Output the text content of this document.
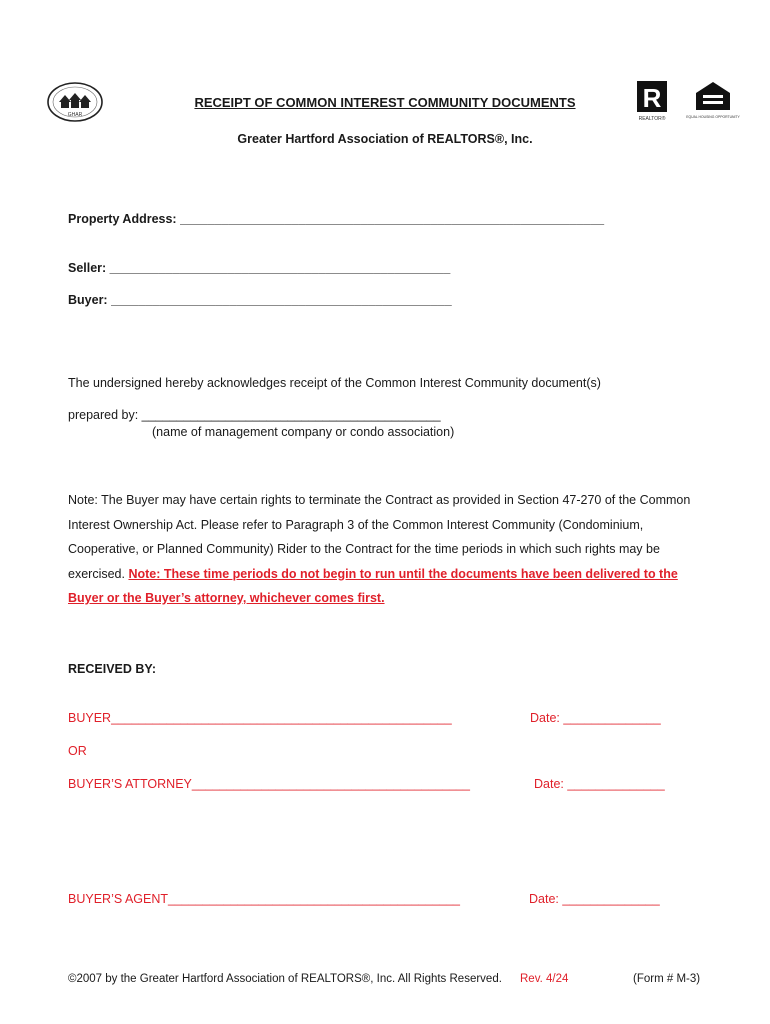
GHAR
R
REALTOR®	EQUAL HOUSING OPPORTUNITY
RECEIPT OF COMMON INTEREST COMMUNITY DOCUMENTS
Greater Hartford Association of REALTORS®, Inc.
Property Address: _____________________________________________________________
Seller: _________________________________________________
Buyer: _________________________________________________
The undersigned hereby acknowledges receipt of the Common Interest Community document(s)
prepared by: ___________________________________________
(name of management company or condo association)
Note: The Buyer may have certain rights to terminate the Contract as provided in Section 47-270 of the Common Interest Ownership Act. Please refer to Paragraph 3 of the Common Interest Community (Condominium, Cooperative, or Planned Community) Rider to the Contract for the time periods in which such rights may be exercised. Note: These time periods do not begin to run until the documents have been delivered to the Buyer or the Buyer’s attorney, whichever comes first.
RECEIVED BY:
BUYER_________________________________________________	Date: ______________
OR
BUYER’S ATTORNEY________________________________________	Date: ______________
BUYER’S AGENT__________________________________________	Date: ______________
©2007 by the Greater Hartford Association of REALTORS®, Inc. All Rights Reserved. Rev. 4/24	(Form # M-3)
